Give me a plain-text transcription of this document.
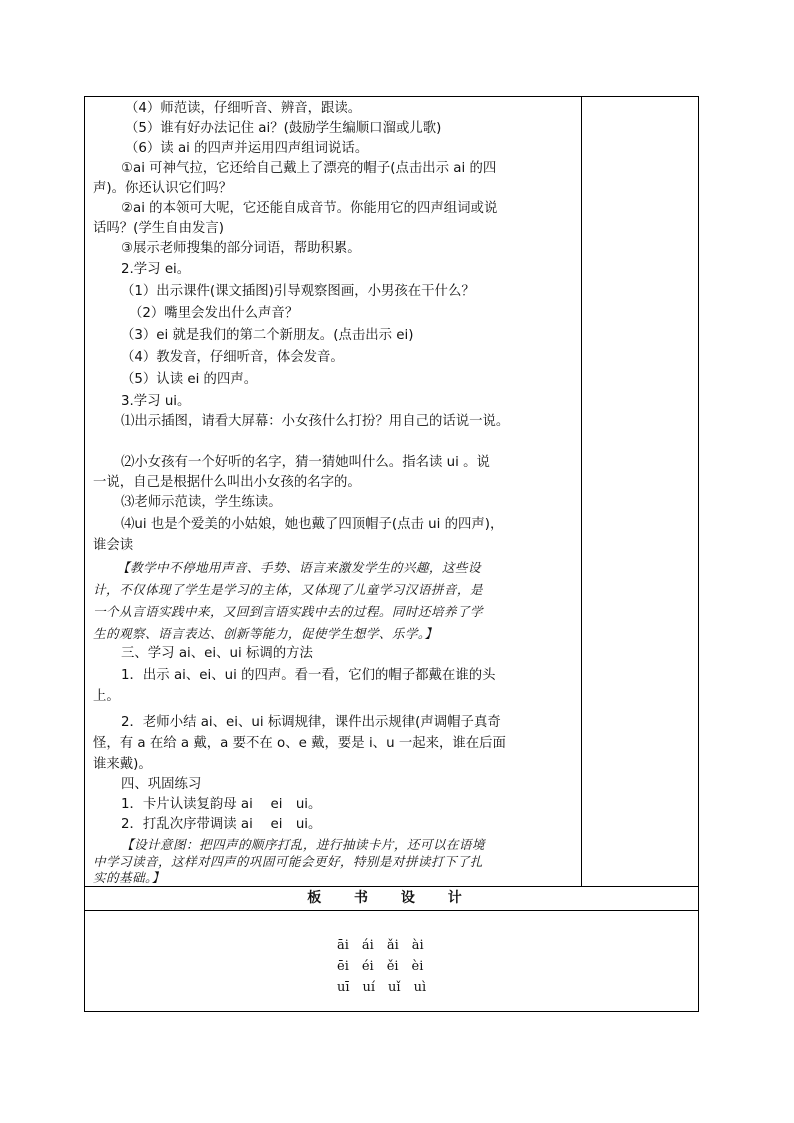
（4）师范读，仔细听音、辨音，跟读。
（5）谁有好办法记住 ai？(鼓励学生编顺口溜或儿歌)
（6）读 ai 的四声并运用四声组词说话。
①ai 可神气拉，它还给自己戴上了漂亮的帽子(点击出示 ai 的四
声)。你还认识它们吗？
②ai 的本领可大呢，它还能自成音节。你能用它的四声组词或说
话吗？(学生自由发言)
③展示老师搜集的部分词语，帮助积累。
2.学习 ei。
（1）出示课件(课文插图)引导观察图画，小男孩在干什么？
（2）嘴里会发出什么声音？
（3）ei 就是我们的第二个新朋友。(点击出示 ei)
（4）教发音，仔细听音，体会发音。
（5）认读 ei 的四声。
3.学习 ui。
⑴出示插图，请看大屏幕：小女孩什么打扮？用自己的话说一说。
⑵小女孩有一个好听的名字，猜一猜她叫什么。指名读 ui 。说
一说，自己是根据什么叫出小女孩的名字的。
⑶老师示范读，学生练读。
⑷ui 也是个爱美的小姑娘，她也戴了四顶帽子(点击 ui 的四声)，
谁会读
【教学中不停地用声音、手势、语言来激发学生的兴趣，这些设
计，不仅体现了学生是学习的主体，又体现了儿童学习汉语拼音，是
一个从言语实践中来，又回到言语实践中去的过程。同时还培养了学
生的观察、语言表达、创新等能力，促使学生想学、乐学。】
三、学习 ai、ei、ui 标调的方法
1．出示 ai、ei、ui 的四声。看一看，它们的帽子都戴在谁的头
上。
2．老师小结 ai、ei、ui 标调规律，课件出示规律(声调帽子真奇
怪，有 a 在给 a 戴，a 要不在 o、e 戴，要是 i、u 一起来，谁在后面
谁来戴)。
四、巩固练习
1．卡片认读复韵母 ai　 ei　ui。
2．打乱次序带调读 ai　 ei　ui。
【设计意图：把四声的顺序打乱，进行抽读卡片，还可以在语境
中学习读音，这样对四声的巩固可能会更好，特别是对拼读打下了扎
实的基础。】
板 书 设 计
āi　ái　ǎi　ài
ēi　éi　ěi　èi
uī　uí　uǐ　uì
